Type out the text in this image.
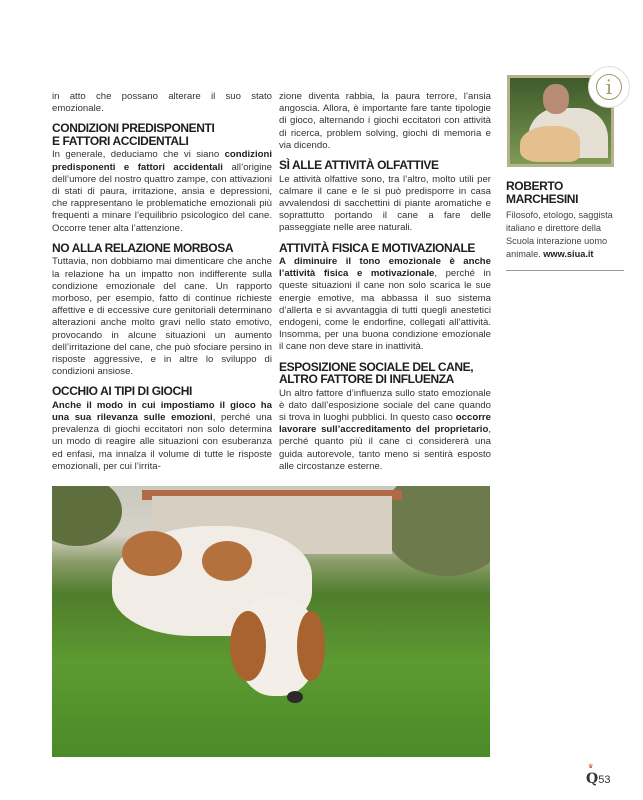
in atto che possano alterare il suo stato emozionale.

CONDIZIONI PREDISPONENTI
E FATTORI ACCIDENTALI

In generale, deduciamo che vi siano condizioni predisponenti e fattori accidentali all’origine dell’umore del nostro quattro zampe, con attivazioni di stati di paura, irritazione, ansia e depressioni, che rappresentano le problematiche emozionali più frequenti a minare l’equilibrio psicologico del cane. Occorre tener alta l’attenzione.

NO ALLA RELAZIONE MORBOSA

Tuttavia, non dobbiamo mai dimenticare che anche la relazione ha un impatto non indifferente sulla condizione emozionale del cane. Un rapporto morboso, per esempio, fatto di continue richieste affettive e di eccessive cure genitoriali determinano alterazioni anche molto gravi nello stato emotivo, provocando in alcune situazioni un aumento dell’irritazione del cane, che può sfociare persino in risposte aggressive, e in altre lo sviluppo di condizioni ansiose.

OCCHIO AI TIPI DI GIOCHI

Anche il modo in cui impostiamo il gioco ha una sua rilevanza sulle emozioni, perché una prevalenza di giochi eccitatori non solo determina un modo di reagire alle situazioni con esuberanza ed enfasi, ma innalza il volume di tutte le risposte emozionali, per cui l’irrita-

zione diventa rabbia, la paura terrore, l’ansia angoscia. Allora, è importante fare tante tipologie di gioco, alternando i giochi eccitatori con attività di ricerca, problem solving, giochi di memoria e via dicendo.

SÌ ALLE ATTIVITÀ OLFATTIVE

Le attività olfattive sono, tra l’altro, molto utili per calmare il cane e le si può predisporre in casa avvalendosi di sacchettini di piante aromatiche e soprattutto portando il cane a fare delle passeggiate nelle aree naturali.

ATTIVITÀ FISICA E MOTIVAZIONALE

A diminuire il tono emozionale è anche l’attività fisica e motivazionale, perché in queste situazioni il cane non solo scarica le sue energie emotive, ma abbassa il suo sistema d’allerta e si avvantaggia di tutti quegli anestetici endogeni, come le endorfine, collegati all’attività. Insomma, per una buona condizione emozionale il cane non deve stare in inattività.

ESPOSIZIONE SOCIALE DEL CANE,
ALTRO FATTORE DI INFLUENZA

Un altro fattore d’influenza sullo stato emozionale è dato dall’esposizione sociale del cane quando si trova in luoghi pubblici. In questo caso occorre lavorare sull’accreditamento del proprietario, perché quanto più il cane ci considererà una guida autorevole, tanto meno si sentirà esposto alle circostanze esterne.

i
ROBERTO
MARCHESINI
Filosofo, etologo, saggista italiano e direttore della Scuola interazione uomo animale. www.siua.it
♛
Q53
